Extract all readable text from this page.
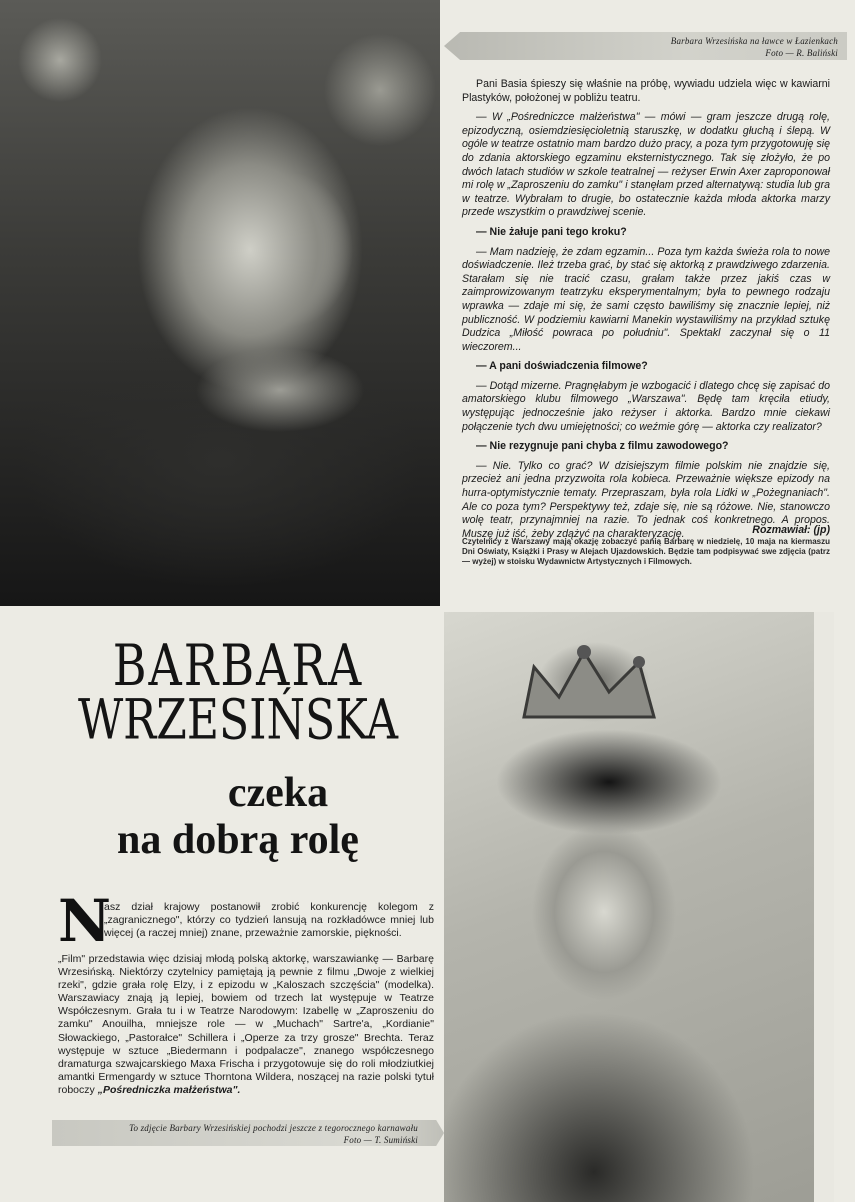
Barbara Wrzesińska na ławce w Łazienkach
Foto — R. Baliński

Pani Basia śpieszy się właśnie na próbę, wywiadu udziela więc w kawiarni Plastyków, położonej w pobliżu teatru.

— W „Pośredniczce małżeństwa" — mówi — gram jeszcze drugą rolę, epizodyczną, osiemdziesięcioletnią staruszkę, w dodatku głuchą i ślepą. W ogóle w teatrze ostatnio mam bardzo dużo pracy, a poza tym przygotowuję się do zdania aktorskiego egzaminu eksternistycznego. Tak się złożyło, że po dwóch latach studiów w szkole teatralnej — reżyser Erwin Axer zaproponował mi rolę w „Zaproszeniu do zamku" i stanęłam przed alternatywą: studia lub gra w teatrze. Wybrałam to drugie, bo ostatecznie każda młoda aktorka marzy przede wszystkim o prawdziwej scenie.

— Nie żałuje pani tego kroku?

— Mam nadzieję, że zdam egzamin... Poza tym każda świeża rola to nowe doświadczenie. Ileż trzeba grać, by stać się aktorką z prawdziwego zdarzenia. Starałam się nie tracić czasu, grałam także przez jakiś czas w zaimprowizowanym teatrzyku eksperymentalnym; była to pewnego rodzaju wprawka — zdaje mi się, że sami często bawiliśmy się znacznie lepiej, niż publiczność. W podziemiu kawiarni Manekin wystawiliśmy na przykład sztukę Dudzica „Miłość powraca po południu". Spektakl zaczynał się o 11 wieczorem...

— A pani doświadczenia filmowe?

— Dotąd mizerne. Pragnęłabym je wzbogacić i dlatego chcę się zapisać do amatorskiego klubu filmowego „Warszawa". Będę tam kręciła etiudy, występując jednocześnie jako reżyser i aktorka. Bardzo mnie ciekawi połączenie tych dwu umiejętności; co weźmie górę — aktorka czy realizator?

— Nie rezygnuje pani chyba z filmu zawodowego?

— Nie. Tylko co grać? W dzisiejszym filmie polskim nie znajdzie się, przecież ani jedna przyzwoita rola kobieca. Przeważnie większe epizody na hurra-optymistycznie tematy. Przepraszam, była rola Lidki w „Pożegnaniach". Ale co poza tym? Perspektywy też, zdaje się, nie są różowe. Nie, stanowczo wolę teatr, przynajmniej na razie. To jednak coś konkretnego. A propos. Muszę już iść, żeby zdążyć na charakteryzację.	Rozmawiał: (jp)
Czytelnicy z Warszawy mają okazję zobaczyć panią Barbarę w niedzielę, 10 maja na kiermaszu Dni Oświaty, Książki i Prasy w Alejach Ujazdowskich. Będzie tam podpisywać swe zdjęcia (patrz — wyżej) w stoisku Wydawnictw Artystycznych i Filmowych.
BARBARA
WRZESIŃSKA
czeka
na dobrą rolę
N
asz dział krajowy postanowił zrobić konkurencję kolegom z „zagranicznego", którzy co tydzień lansują na rozkładówce mniej lub więcej (a raczej mniej) znane, przeważnie zamorskie, piękności.
„Film" przedstawia więc dzisiaj młodą polską aktorkę, warszawiankę — Barbarę Wrzesińską. Niektórzy czytelnicy pamiętają ją pewnie z filmu „Dwoje z wielkiej rzeki", gdzie grała rolę Elzy, i z epizodu w „Kaloszach szczęścia" (modelka). Warszawiacy znają ją lepiej, bowiem od trzech lat występuje w Teatrze Współczesnym. Grała tu i w Teatrze Narodowym: Izabellę w „Zaproszeniu do zamku" Anouilha, mniejsze role — w „Muchach" Sartre'a, „Kordianie" Słowackiego, „Pastorałce" Schillera i „Operze za trzy grosze" Brechta. Teraz występuje w sztuce „Biedermann i podpalacze", znanego współczesnego dramaturga szwajcarskiego Maxa Frischa i przygotowuje się do roli młodziutkiej amantki Ermengardy w sztuce Thorntona Wildera, noszącej na razie polski tytuł roboczy „Pośredniczka małżeństwa".
To zdjęcie Barbary Wrzesińskiej pochodzi jeszcze z tegorocznego karnawału
Foto — T. Sumiński
